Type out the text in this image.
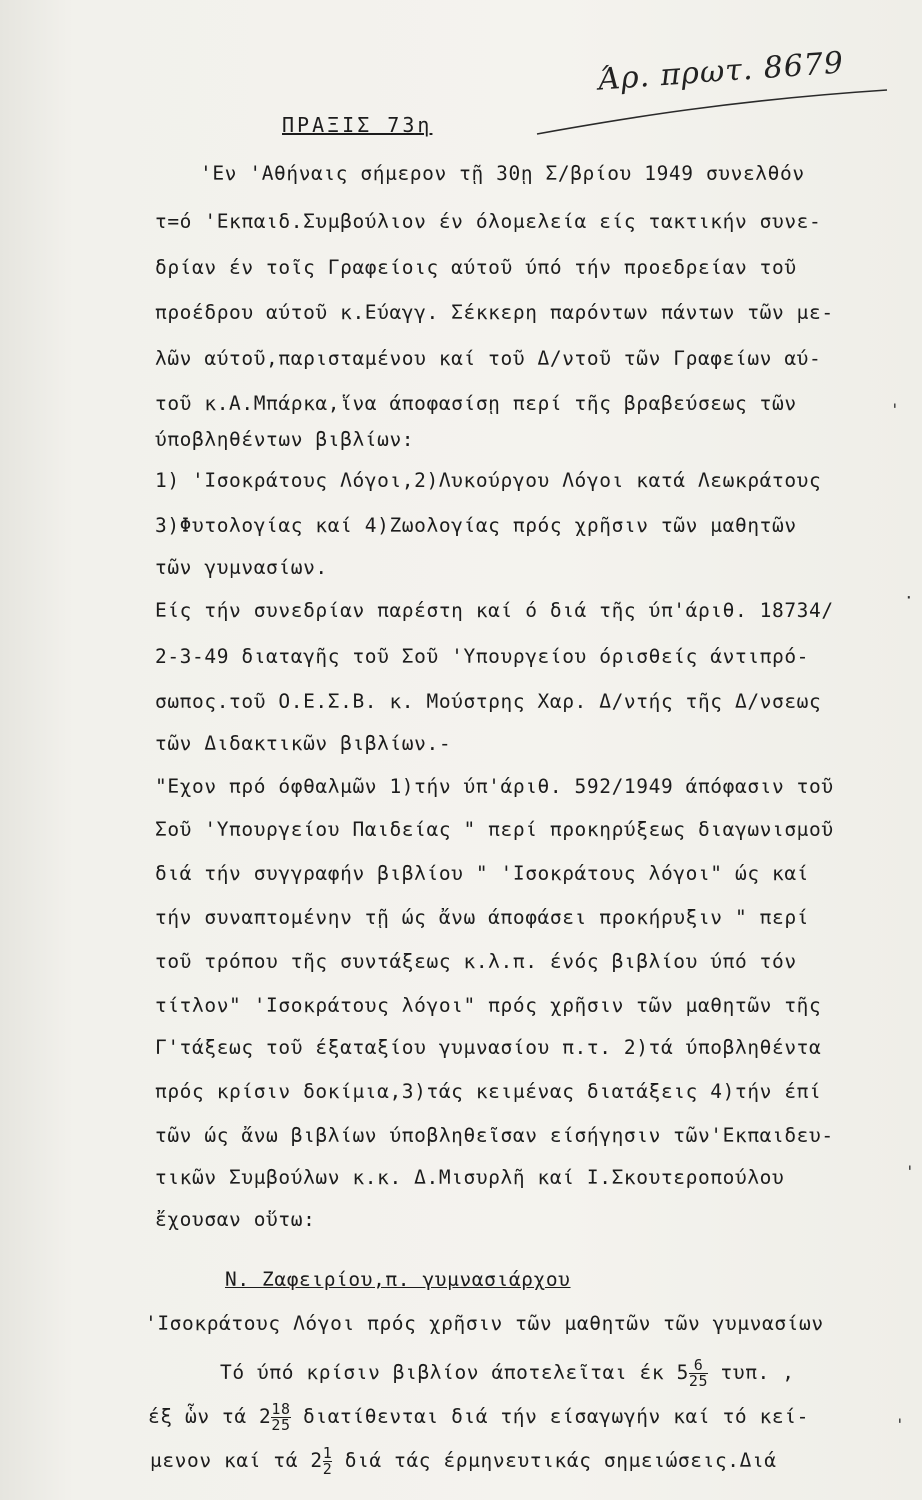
Άρ. πρωτ. 8679
ΠΡΑΞΙΣ 73η
'Εν 'Αθήναις σήμερον τῇ 30ῃ Σ/βρίου 1949 συνελθόν
τ=ό 'Εκπαιδ.Συμβούλιον έν όλομελεία είς τακτικήν συνε-
δρίαν έν τοῖς Γραφείοις αύτοῦ ύπό τήν προεδρείαν τοῦ
προέδρου αύτοῦ κ.Εύαγγ. Σέκκερη παρόντων πάντων τῶν με-
λῶν αύτοῦ,παρισταμένου καί τοῦ Δ/ντοῦ τῶν Γραφείων αύ-
τοῦ κ.Α.Μπάρκα,ἵνα άποφασίσῃ περί τῆς βραβεύσεως τῶν
ύποβληθέντων βιβλίων:
1) 'Ισοκράτους Λόγοι,2)Λυκούργου Λόγοι κατά Λεωκράτους
3)Φυτολογίας καί 4)Ζωολογίας πρός χρῆσιν τῶν μαθητῶν
τῶν γυμνασίων.
Είς τήν συνεδρίαν παρέστη καί ό διά τῆς ύπ'άριθ. 18734/
2-3-49 διαταγῆς τοῦ Σοῦ 'Υπουργείου όρισθείς άντιπρό-
σωπος.τοῦ Ο.Ε.Σ.Β. κ. Μούστρης Χαρ. Δ/ντής τῆς Δ/νσεως
τῶν Διδακτικῶν βιβλίων.-
"Εχον πρό όφθαλμῶν 1)τήν ύπ'άριθ. 592/1949 άπόφασιν τοῦ
Σοῦ 'Υπουργείου Παιδείας " περί προκηρύξεως διαγωνισμοῦ
διά τήν συγγραφήν βιβλίου " 'Ισοκράτους λόγοι" ώς καί
τήν συναπτομένην τῇ ώς ἄνω άποφάσει προκήρυξιν " περί
τοῦ τρόπου τῆς συντάξεως κ.λ.π. ένός βιβλίου ύπό τόν
τίτλον" 'Ισοκράτους λόγοι" πρός χρῆσιν τῶν μαθητῶν τῆς
Γ'τάξεως τοῦ έξαταξίου γυμνασίου π.τ. 2)τά ύποβληθέντα
πρός κρίσιν δοκίμια,3)τάς κειμένας διατάξεις 4)τήν έπί
τῶν ώς ἄνω βιβλίων ύποβληθεῖσαν είσήγησιν τῶν'Εκπαιδευ-
τικῶν Συμβούλων κ.κ. Δ.Μισυρλῆ καί Ι.Σκουτεροπούλου
ἔχουσαν οὕτω:
Ν. Ζαφειρίου,π. γυμνασιάρχου
'Ισοκράτους Λόγοι πρός χρῆσιν τῶν μαθητῶν τῶν γυμνασίων
Τό ύπό κρίσιν βιβλίον άποτελεῖται έκ $5 \frac{6}{25} \tau\upsilon\pi$. ,
έξ ὧν τά $2 \frac{18}{25}$ διατίθενται διά τήν είσαγωγήν καί τό κεί-
μενον καί τά $2 \frac{1}{2}$ διά τάς έρμηνευτικάς σημειώσεις.Διά
'
·
'
'
